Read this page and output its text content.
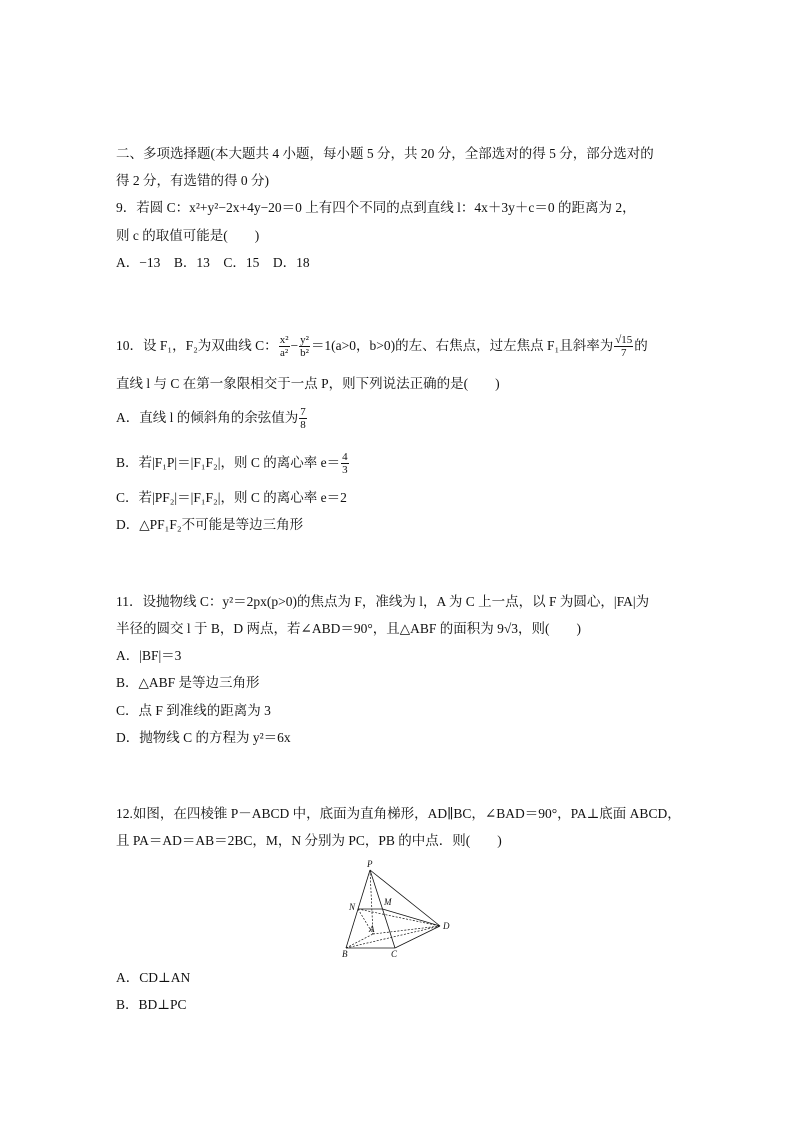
二、多项选择题(本大题共 4 小题，每小题 5 分，共 20 分，全部选对的得 5 分，部分选对的
得 2 分，有选错的得 0 分)
9．若圆 C：x²+y²−2x+4y−20＝0 上有四个不同的点到直线 l：4x＋3y＋c＝0 的距离为 2，
则 c 的取值可能是(　　)
A．−13　B．13　C．15　D．18
10．设 F₁，F₂为双曲线 C： $\frac{\text{x²}}{\text{a²}} - \frac{\text{y²}}{\text{b²}} =1(a>0$，b>0)的左、右焦点，过左焦点 F₁且斜率为 $\frac{√15}{7}$ 的
直线 l 与 C 在第一象限相交于一点 P，则下列说法正确的是(　　)
A．直线 l 的倾斜角的余弦值为 $\frac{7}{8}$
B．若|F₁P|＝|F₁F₂|，则 C 的离心率 $e= \frac{4}{3}$
C．若|PF₂|＝|F₁F₂|，则 C 的离心率 e＝2
D．△PF₁F₂不可能是等边三角形
11．设抛物线 C：y²＝2px(p>0)的焦点为 F，准线为 l，A 为 C 上一点，以 F 为圆心，|FA|为
半径的圆交 l 于 B，D 两点，若∠ABD＝90°，且△ABF 的面积为 9√3，则(　　)
A．|BF|＝3
B．△ABF 是等边三角形
C．点 F 到准线的距离为 3
D．抛物线 C 的方程为 y²＝6x
12.如图，在四棱锥 P－ABCD 中，底面为直角梯形，AD∥BC，∠BAD＝90°，PA⊥底面 ABCD，
且 PA＝AD＝AB＝2BC，M，N 分别为 PC，PB 的中点．则(　　)
P
N	M
A	D
B	C
A．CD⊥AN
B．BD⊥PC
